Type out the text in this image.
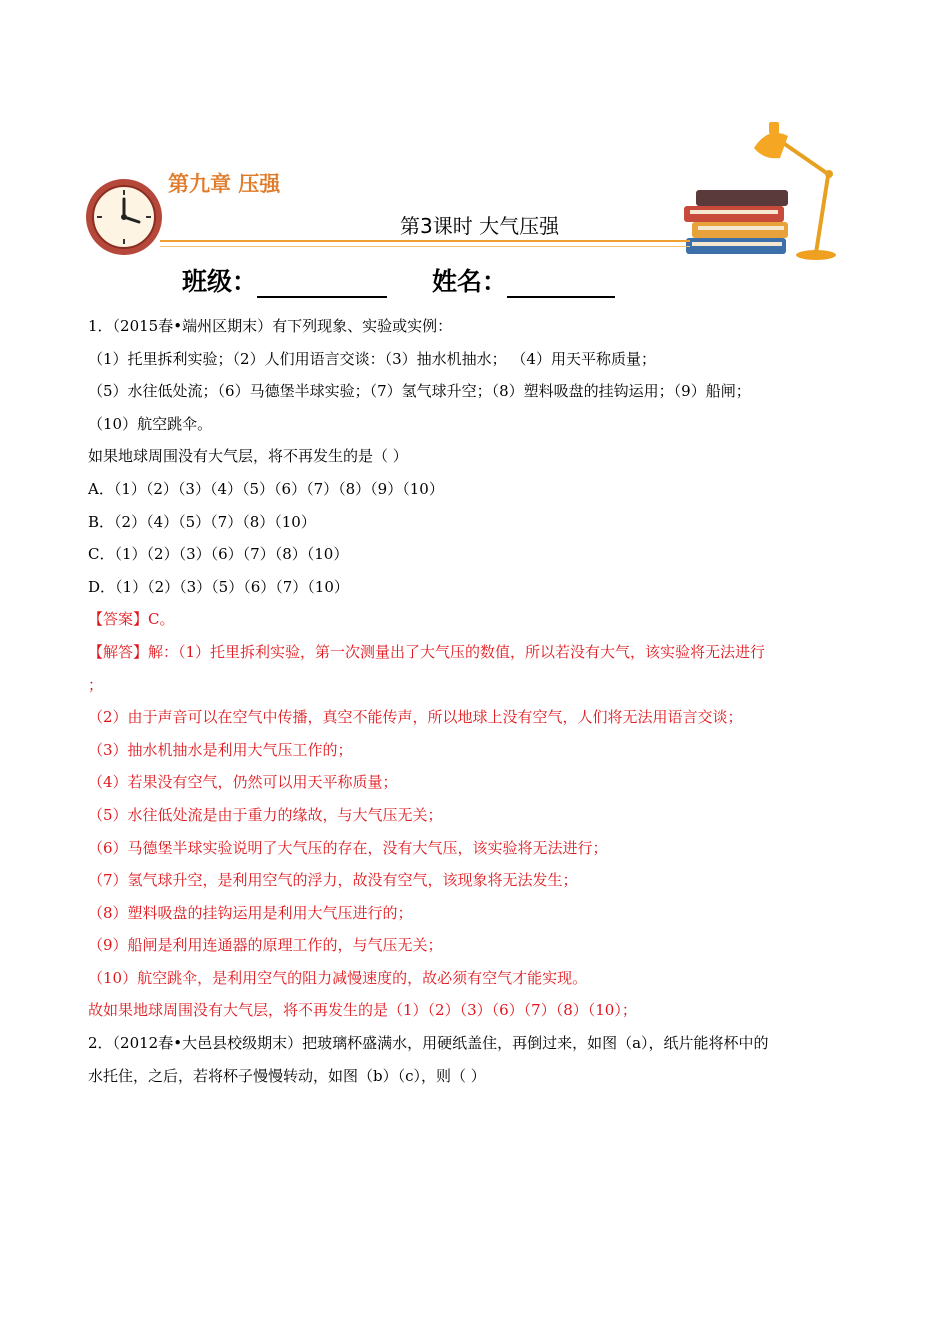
第九章 压强
第3课时 大气压强
班级：	姓名：

1．（2015春•端州区期末）有下列现象、实验或实例：

（1）托里拆利实验；（2）人们用语言交谈：（3）抽水机抽水； （4）用天平称质量；

（5）水往低处流；（6）马德堡半球实验；（7）氢气球升空；（8）塑料吸盘的挂钩运用；（9）船闸；

（10）航空跳伞。

如果地球周围没有大气层，将不再发生的是（ ）

A．（1）（2）（3）（4）（5）（6）（7）（8）（9）（10）

B．（2）（4）（5）（7）（8）（10）

C．（1）（2）（3）（6）（7）（8）（10）

D．（1）（2）（3）（5）（6）（7）（10）

【答案】C。

【解答】解：（1）托里拆利实验，第一次测量出了大气压的数值，所以若没有大气，该实验将无法进行

；

（2）由于声音可以在空气中传播，真空不能传声，所以地球上没有空气，人们将无法用语言交谈；

（3）抽水机抽水是利用大气压工作的；

（4）若果没有空气，仍然可以用天平称质量；

（5）水往低处流是由于重力的缘故，与大气压无关；

（6）马德堡半球实验说明了大气压的存在，没有大气压，该实验将无法进行；

（7）氢气球升空，是利用空气的浮力，故没有空气，该现象将无法发生；

（8）塑料吸盘的挂钩运用是利用大气压进行的；

（9）船闸是利用连通器的原理工作的，与气压无关；

（10）航空跳伞，是利用空气的阻力减慢速度的，故必须有空气才能实现。

故如果地球周围没有大气层，将不再发生的是（1）（2）（3）（6）（7）（8）（10）；

2．（2012春•大邑县校级期末）把玻璃杯盛满水，用硬纸盖住，再倒过来，如图（a），纸片能将杯中的

水托住，之后，若将杯子慢慢转动，如图（b）（c），则（ ）
